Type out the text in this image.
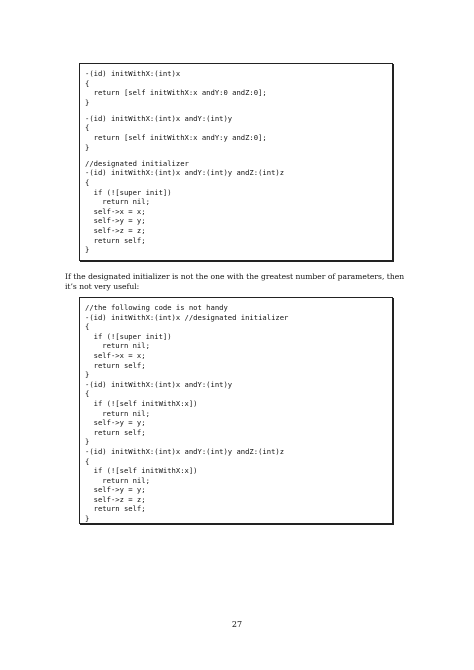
-(id) initWithX:(int)x
{
return [self initWithX:x andY:0 andZ:0];
}
-(id) initWithX:(int)x andY:(int)y
{
return [self initWithX:x andY:y andZ:0];
}
//designated initializer
-(id) initWithX:(int)x andY:(int)y andZ:(int)z
{
if (![super init])
return nil;
self->x = x;
self->y = y;
self->z = z;
return self;
}

If the designated initializer is not the one with the greatest number of parameters, then it’s not very useful:

//the following code is not handy
-(id) initWithX:(int)x //designated initializer
{
if (![super init])
return nil;
self->x = x;
return self;
}
-(id) initWithX:(int)x andY:(int)y
{
if (![self initWithX:x])
return nil;
self->y = y;
return self;
}
-(id) initWithX:(int)x andY:(int)y andZ:(int)z
{
if (![self initWithX:x])
return nil;
self->y = y;
self->z = z;
return self;
}
27
